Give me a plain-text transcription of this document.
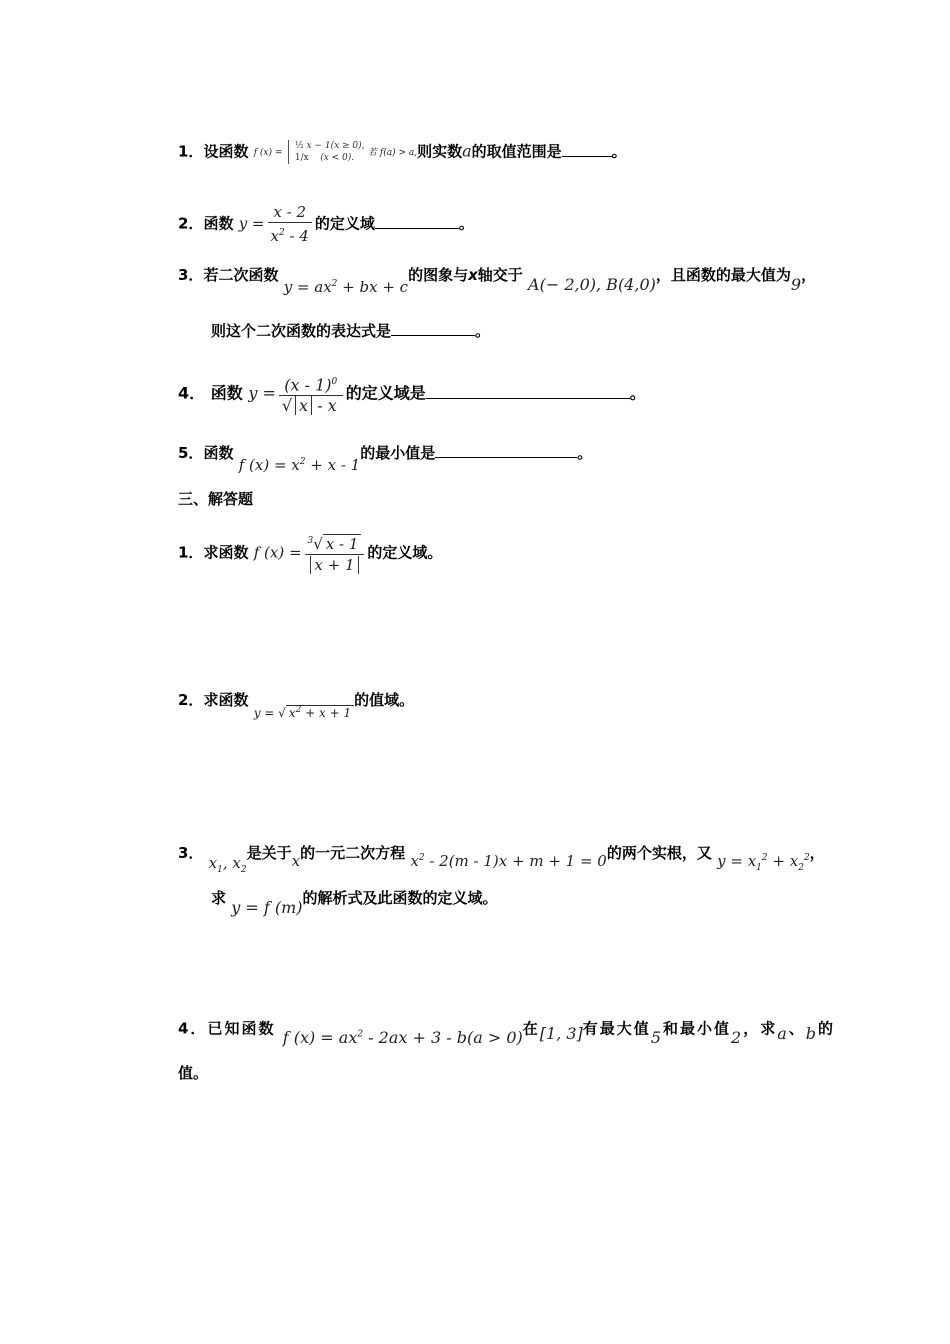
1．设函数 f (x) =
½ x − 1(x ≥ 0),
1/x (x < 0).	若 f(a) > a,则实数a的取值范围是	。
2．函数 $y = \frac{x - 2}{x^2 - 4}$ 的定义域	。
3．若二次函数 $y = ax^2$ + bx + c的图象与x轴交于 A(− 2,0), B(4,0)，且函数的最大值为9，
则这个二次函数的表达式是	。
4． 函数 $y = \frac{(x - 1)^0}{√ x - x}$ 的定义域是	。
5．函数 f $(x) = x^2 + x - 1$的最小值是	。
三、解答题
1．求函数 f $(x) = \frac{^3√ x - 1}{x + 1}$ 的定义域。
2．求函数 $_{y = √ x^2 + x + 1}$的值域。
3． $x_1$, $x_2$是关于x的一元二次方程 $x^2 - 2(m - 1)x + m + 1 = 0$的两个实根，又 $y = x_1^2 + x_2^2$，
求 y = f (m)的解析式及此函数的定义域。
4．已知函数 f $(x) = ax^2 - 2ax + 3 - b(a > 0)$在[1, 3]有最大值5和最小值2，求a、b的
值。
